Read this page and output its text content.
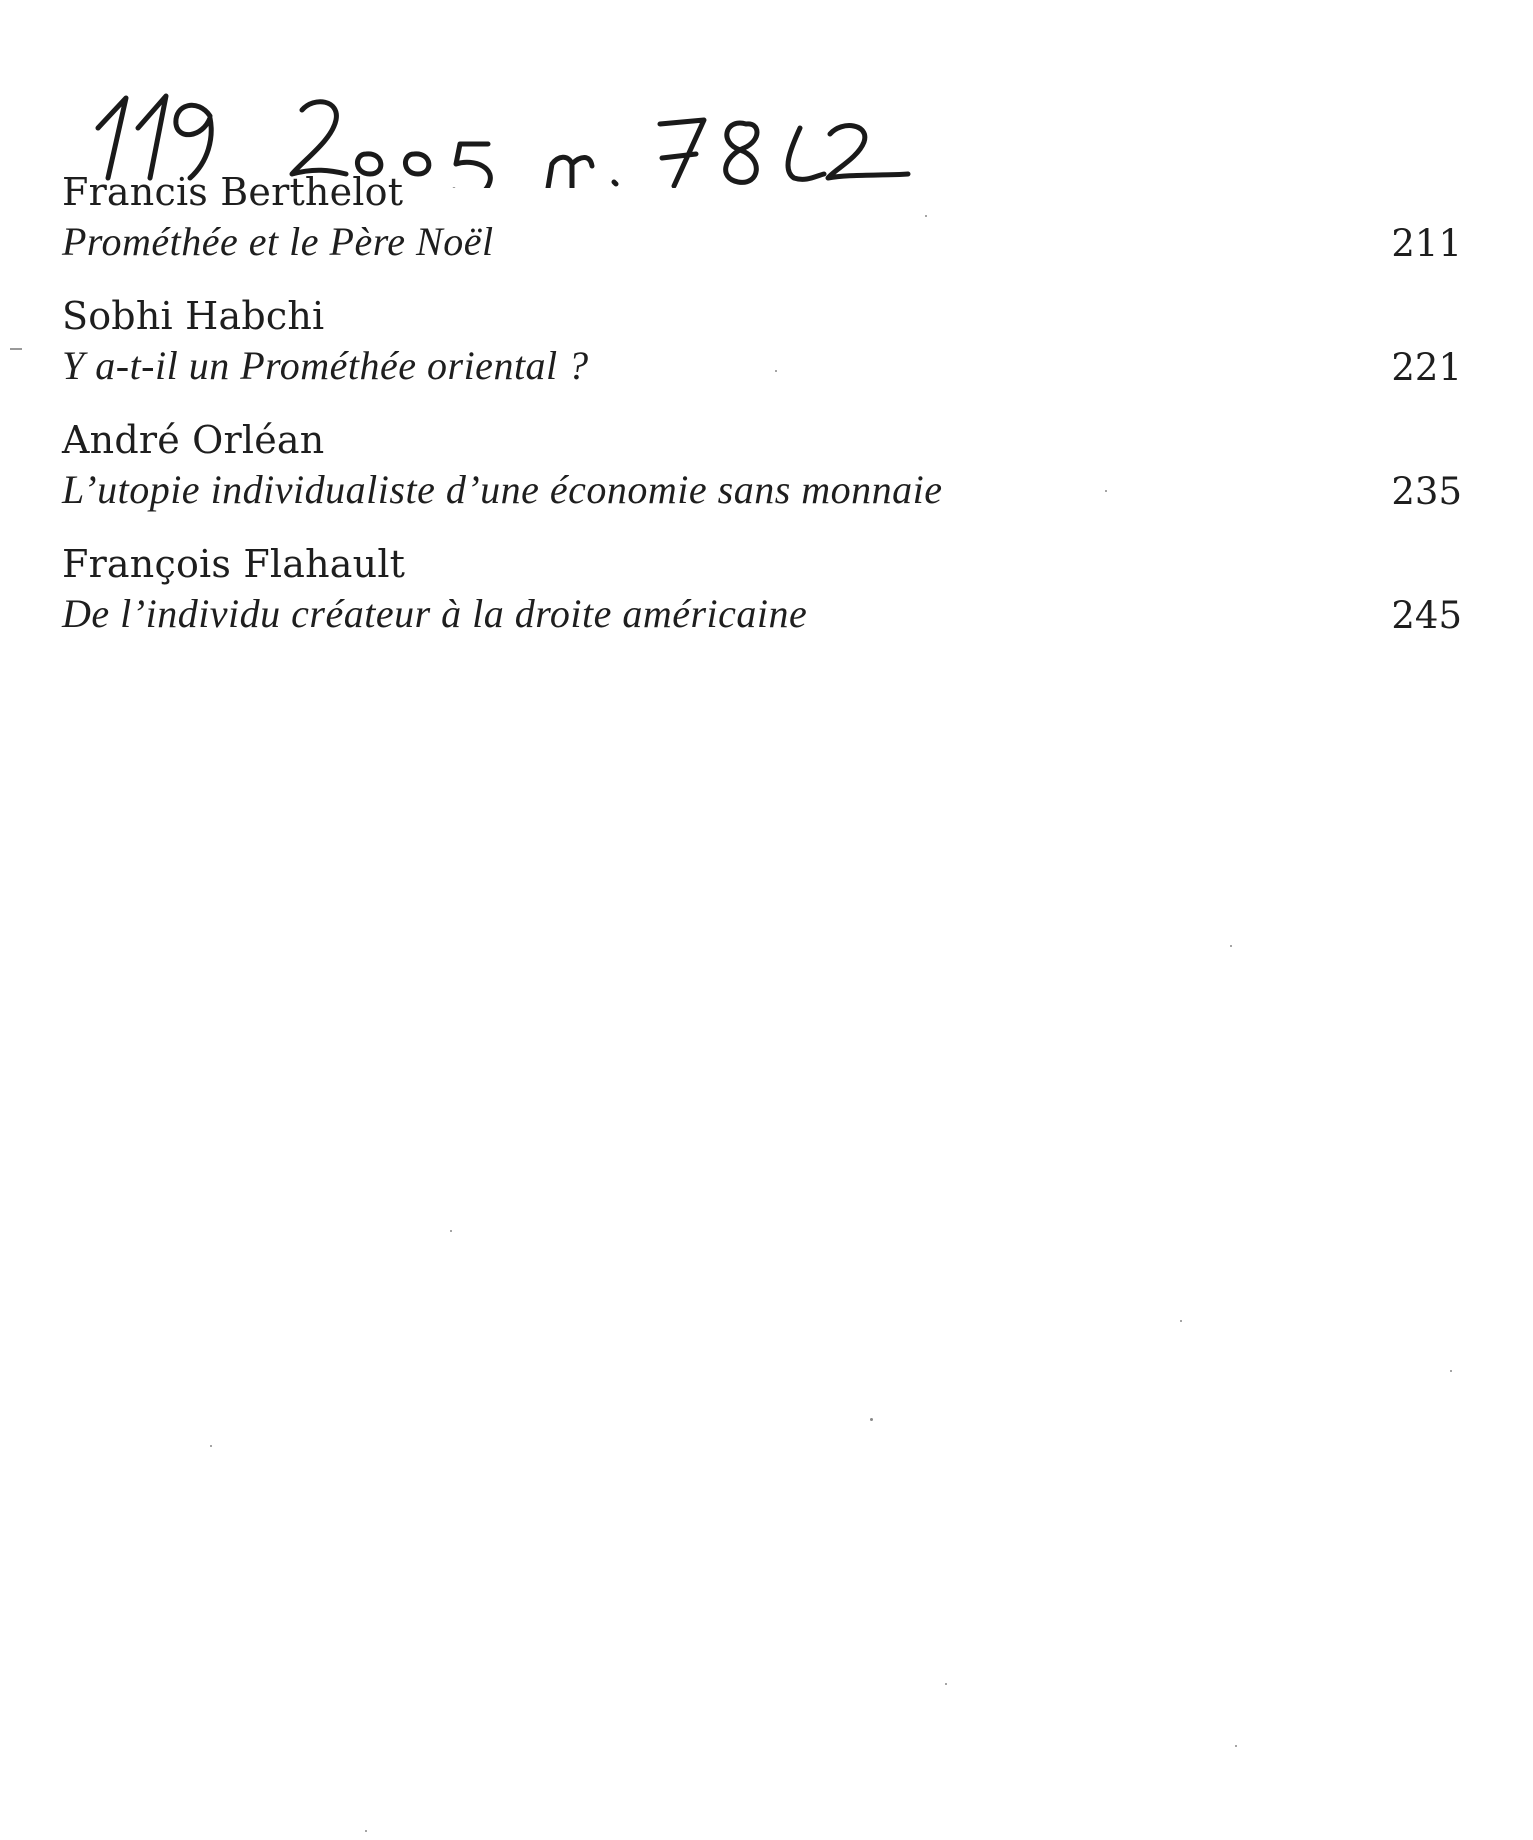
Francis Berthelot
Prométhée et le Père Noël	211
Sobhi Habchi
Y a-t-il un Prométhée oriental ?	221
André Orléan
L’utopie individualiste d’une économie sans monnaie	235
François Flahault
De l’individu créateur à la droite américaine	245
